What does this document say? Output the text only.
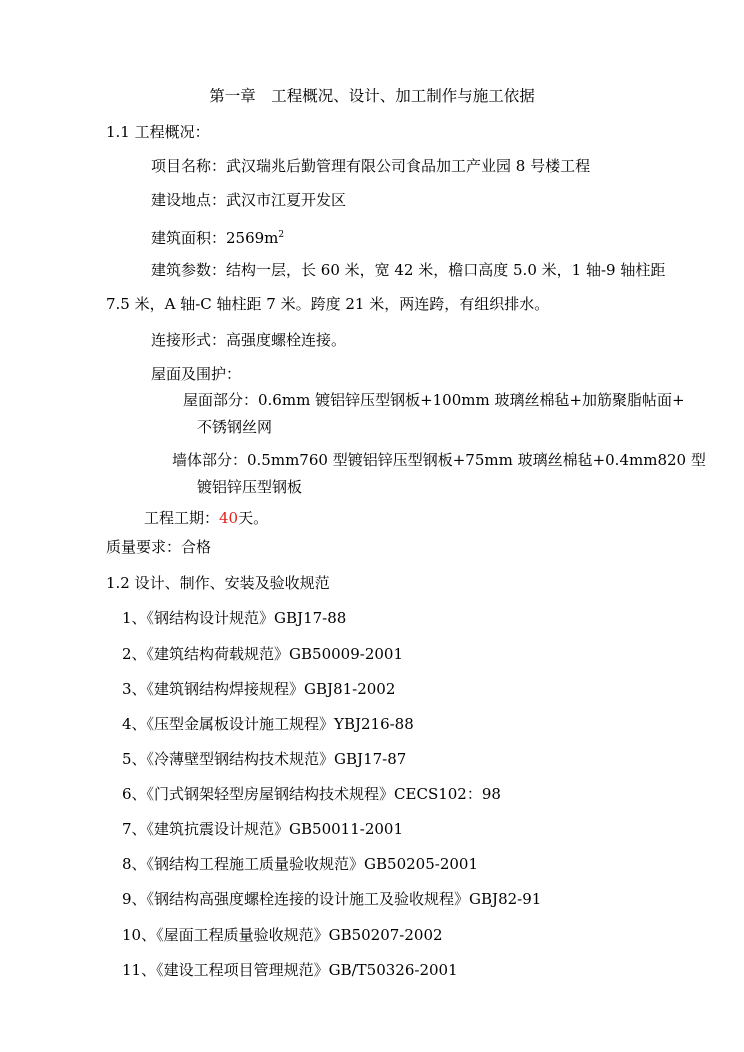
第一章　工程概况、设计、加工制作与施工依据
1.1 工程概况：
项目名称：武汉瑞兆后勤管理有限公司食品加工产业园 8 号楼工程
建设地点：武汉市江夏开发区
建筑面积：$2569m^2$
建筑参数：结构一层，长 60 米，宽 42 米，檐口高度 5.0 米，1 轴-9 轴柱距
7.5 米，A 轴-C 轴柱距 7 米。跨度 21 米，两连跨，有组织排水。
连接形式：高强度螺栓连接。
屋面及围护：
屋面部分：0.6mm 镀铝锌压型钢板+100mm 玻璃丝棉毡+加筋聚脂帖面+
不锈钢丝网
墙体部分：0.5mm760 型镀铝锌压型钢板+75mm 玻璃丝棉毡+0.4mm820 型
镀铝锌压型钢板
工程工期：40天。
质量要求：合格
1.2 设计、制作、安装及验收规范
1、《钢结构设计规范》GBJ17-88
2、《建筑结构荷载规范》GB50009-2001
3、《建筑钢结构焊接规程》GBJ81-2002
4、《压型金属板设计施工规程》YBJ216-88
5、《冷薄壁型钢结构技术规范》GBJ17-87
6、《门式钢架轻型房屋钢结构技术规程》CECS102：98
7、《建筑抗震设计规范》GB50011-2001
8、《钢结构工程施工质量验收规范》GB50205-2001
9、《钢结构高强度螺栓连接的设计施工及验收规程》GBJ82-91
10、《屋面工程质量验收规范》GB50207-2002
11、《建设工程项目管理规范》GB/T50326-2001
